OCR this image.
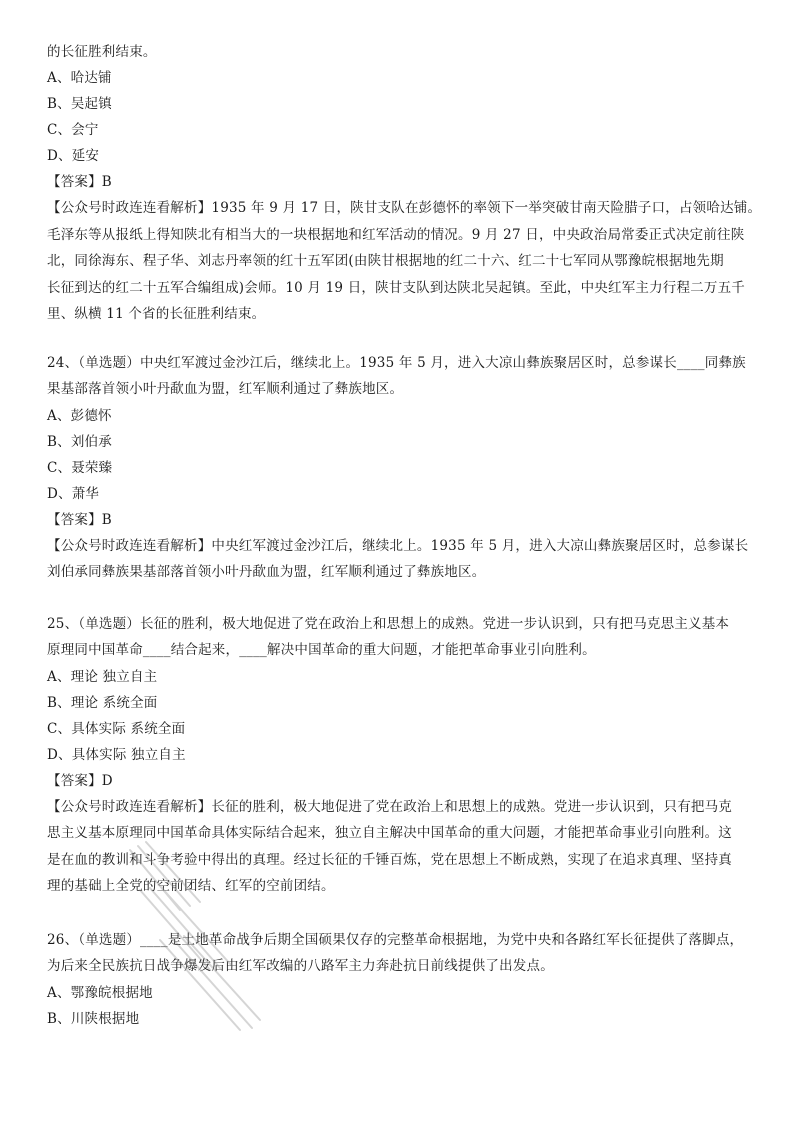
的长征胜利结束。
A、哈达铺
B、吴起镇
C、会宁
D、延安
【答案】B
【公众号时政连连看解析】1935 年 9 月 17 日，陕甘支队在彭德怀的率领下一举突破甘南天险腊子口，占领哈达铺。
毛泽东等从报纸上得知陕北有相当大的一块根据地和红军活动的情况。9 月 27 日，中央政治局常委正式决定前往陕
北，同徐海东、程子华、刘志丹率领的红十五军团(由陕甘根据地的红二十六、红二十七军同从鄂豫皖根据地先期
长征到达的红二十五军合编组成)会师。10 月 19 日，陕甘支队到达陕北吴起镇。至此，中央红军主力行程二万五千
里、纵横 11 个省的长征胜利结束。
24、（单选题）中央红军渡过金沙江后，继续北上。1935 年 5 月，进入大凉山彝族聚居区时，总参谋长____同彝族
果基部落首领小叶丹歃血为盟，红军顺利通过了彝族地区。
A、彭德怀
B、刘伯承
C、聂荣臻
D、萧华
【答案】B
【公众号时政连连看解析】中央红军渡过金沙江后，继续北上。1935 年 5 月，进入大凉山彝族聚居区时，总参谋长
刘伯承同彝族果基部落首领小叶丹歃血为盟，红军顺利通过了彝族地区。
25、（单选题）长征的胜利，极大地促进了党在政治上和思想上的成熟。党进一步认识到，只有把马克思主义基本
原理同中国革命____结合起来，____解决中国革命的重大问题，才能把革命事业引向胜利。
A、理论 独立自主
B、理论 系统全面
C、具体实际 系统全面
D、具体实际 独立自主
【答案】D
【公众号时政连连看解析】长征的胜利，极大地促进了党在政治上和思想上的成熟。党进一步认识到，只有把马克
思主义基本原理同中国革命具体实际结合起来，独立自主解决中国革命的重大问题，才能把革命事业引向胜利。这
是在血的教训和斗争考验中得出的真理。经过长征的千锤百炼，党在思想上不断成熟，实现了在追求真理、坚持真
理的基础上全党的空前团结、红军的空前团结。
26、（单选题）____是土地革命战争后期全国硕果仅存的完整革命根据地，为党中央和各路红军长征提供了落脚点，
为后来全民族抗日战争爆发后由红军改编的八路军主力奔赴抗日前线提供了出发点。
A、鄂豫皖根据地
B、川陕根据地
